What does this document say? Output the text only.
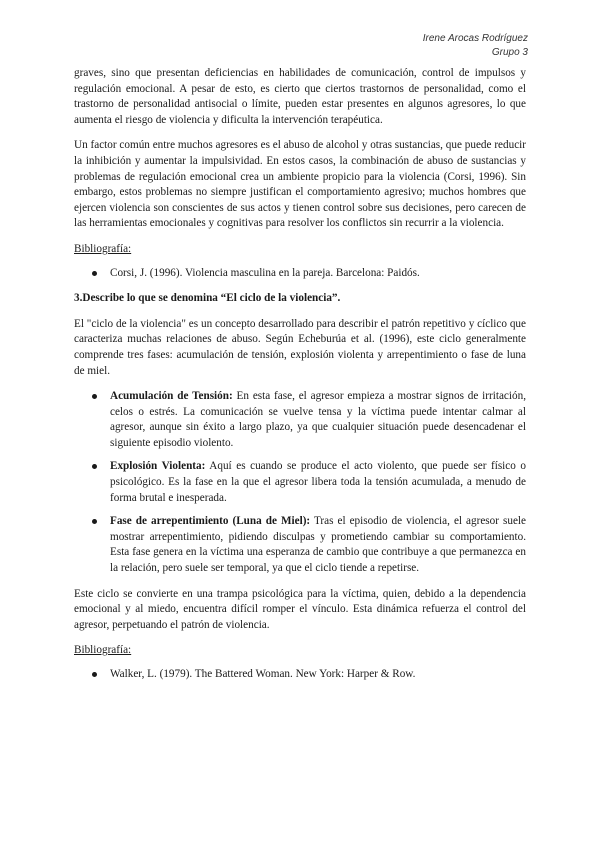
Irene Arocas Rodríguez
Grupo 3

graves, sino que presentan deficiencias en habilidades de comunicación, control de impulsos y regulación emocional. A pesar de esto, es cierto que ciertos trastornos de personalidad, como el trastorno de personalidad antisocial o límite, pueden estar presentes en algunos agresores, lo que aumenta el riesgo de violencia y dificulta la intervención terapéutica.

Un factor común entre muchos agresores es el abuso de alcohol y otras sustancias, que puede reducir la inhibición y aumentar la impulsividad. En estos casos, la combinación de abuso de sustancias y problemas de regulación emocional crea un ambiente propicio para la violencia (Corsi, 1996). Sin embargo, estos problemas no siempre justifican el comportamiento agresivo; muchos hombres que ejercen violencia son conscientes de sus actos y tienen control sobre sus decisiones, pero carecen de las herramientas emocionales y cognitivas para resolver los conflictos sin recurrir a la violencia.

Bibliografía:
Corsi, J. (1996). Violencia masculina en la pareja. Barcelona: Paidós.
3.Describe lo que se denomina “El ciclo de la violencia”.

El "ciclo de la violencia" es un concepto desarrollado para describir el patrón repetitivo y cíclico que caracteriza muchas relaciones de abuso. Según Echeburúa et al. (1996), este ciclo generalmente comprende tres fases: acumulación de tensión, explosión violenta y arrepentimiento o fase de luna de miel.

Acumulación de Tensión: En esta fase, el agresor empieza a mostrar signos de irritación, celos o estrés. La comunicación se vuelve tensa y la víctima puede intentar calmar al agresor, aunque sin éxito a largo plazo, ya que cualquier situación puede desencadenar el siguiente episodio violento.
Explosión Violenta: Aquí es cuando se produce el acto violento, que puede ser físico o psicológico. Es la fase en la que el agresor libera toda la tensión acumulada, a menudo de forma brutal e inesperada.
Fase de arrepentimiento (Luna de Miel): Tras el episodio de violencia, el agresor suele mostrar arrepentimiento, pidiendo disculpas y prometiendo cambiar su comportamiento. Esta fase genera en la víctima una esperanza de cambio que contribuye a que permanezca en la relación, pero suele ser temporal, ya que el ciclo tiende a repetirse.

Este ciclo se convierte en una trampa psicológica para la víctima, quien, debido a la dependencia emocional y al miedo, encuentra difícil romper el vínculo. Esta dinámica refuerza el control del agresor, perpetuando el patrón de violencia.

Bibliografía:
Walker, L. (1979). The Battered Woman. New York: Harper & Row.
